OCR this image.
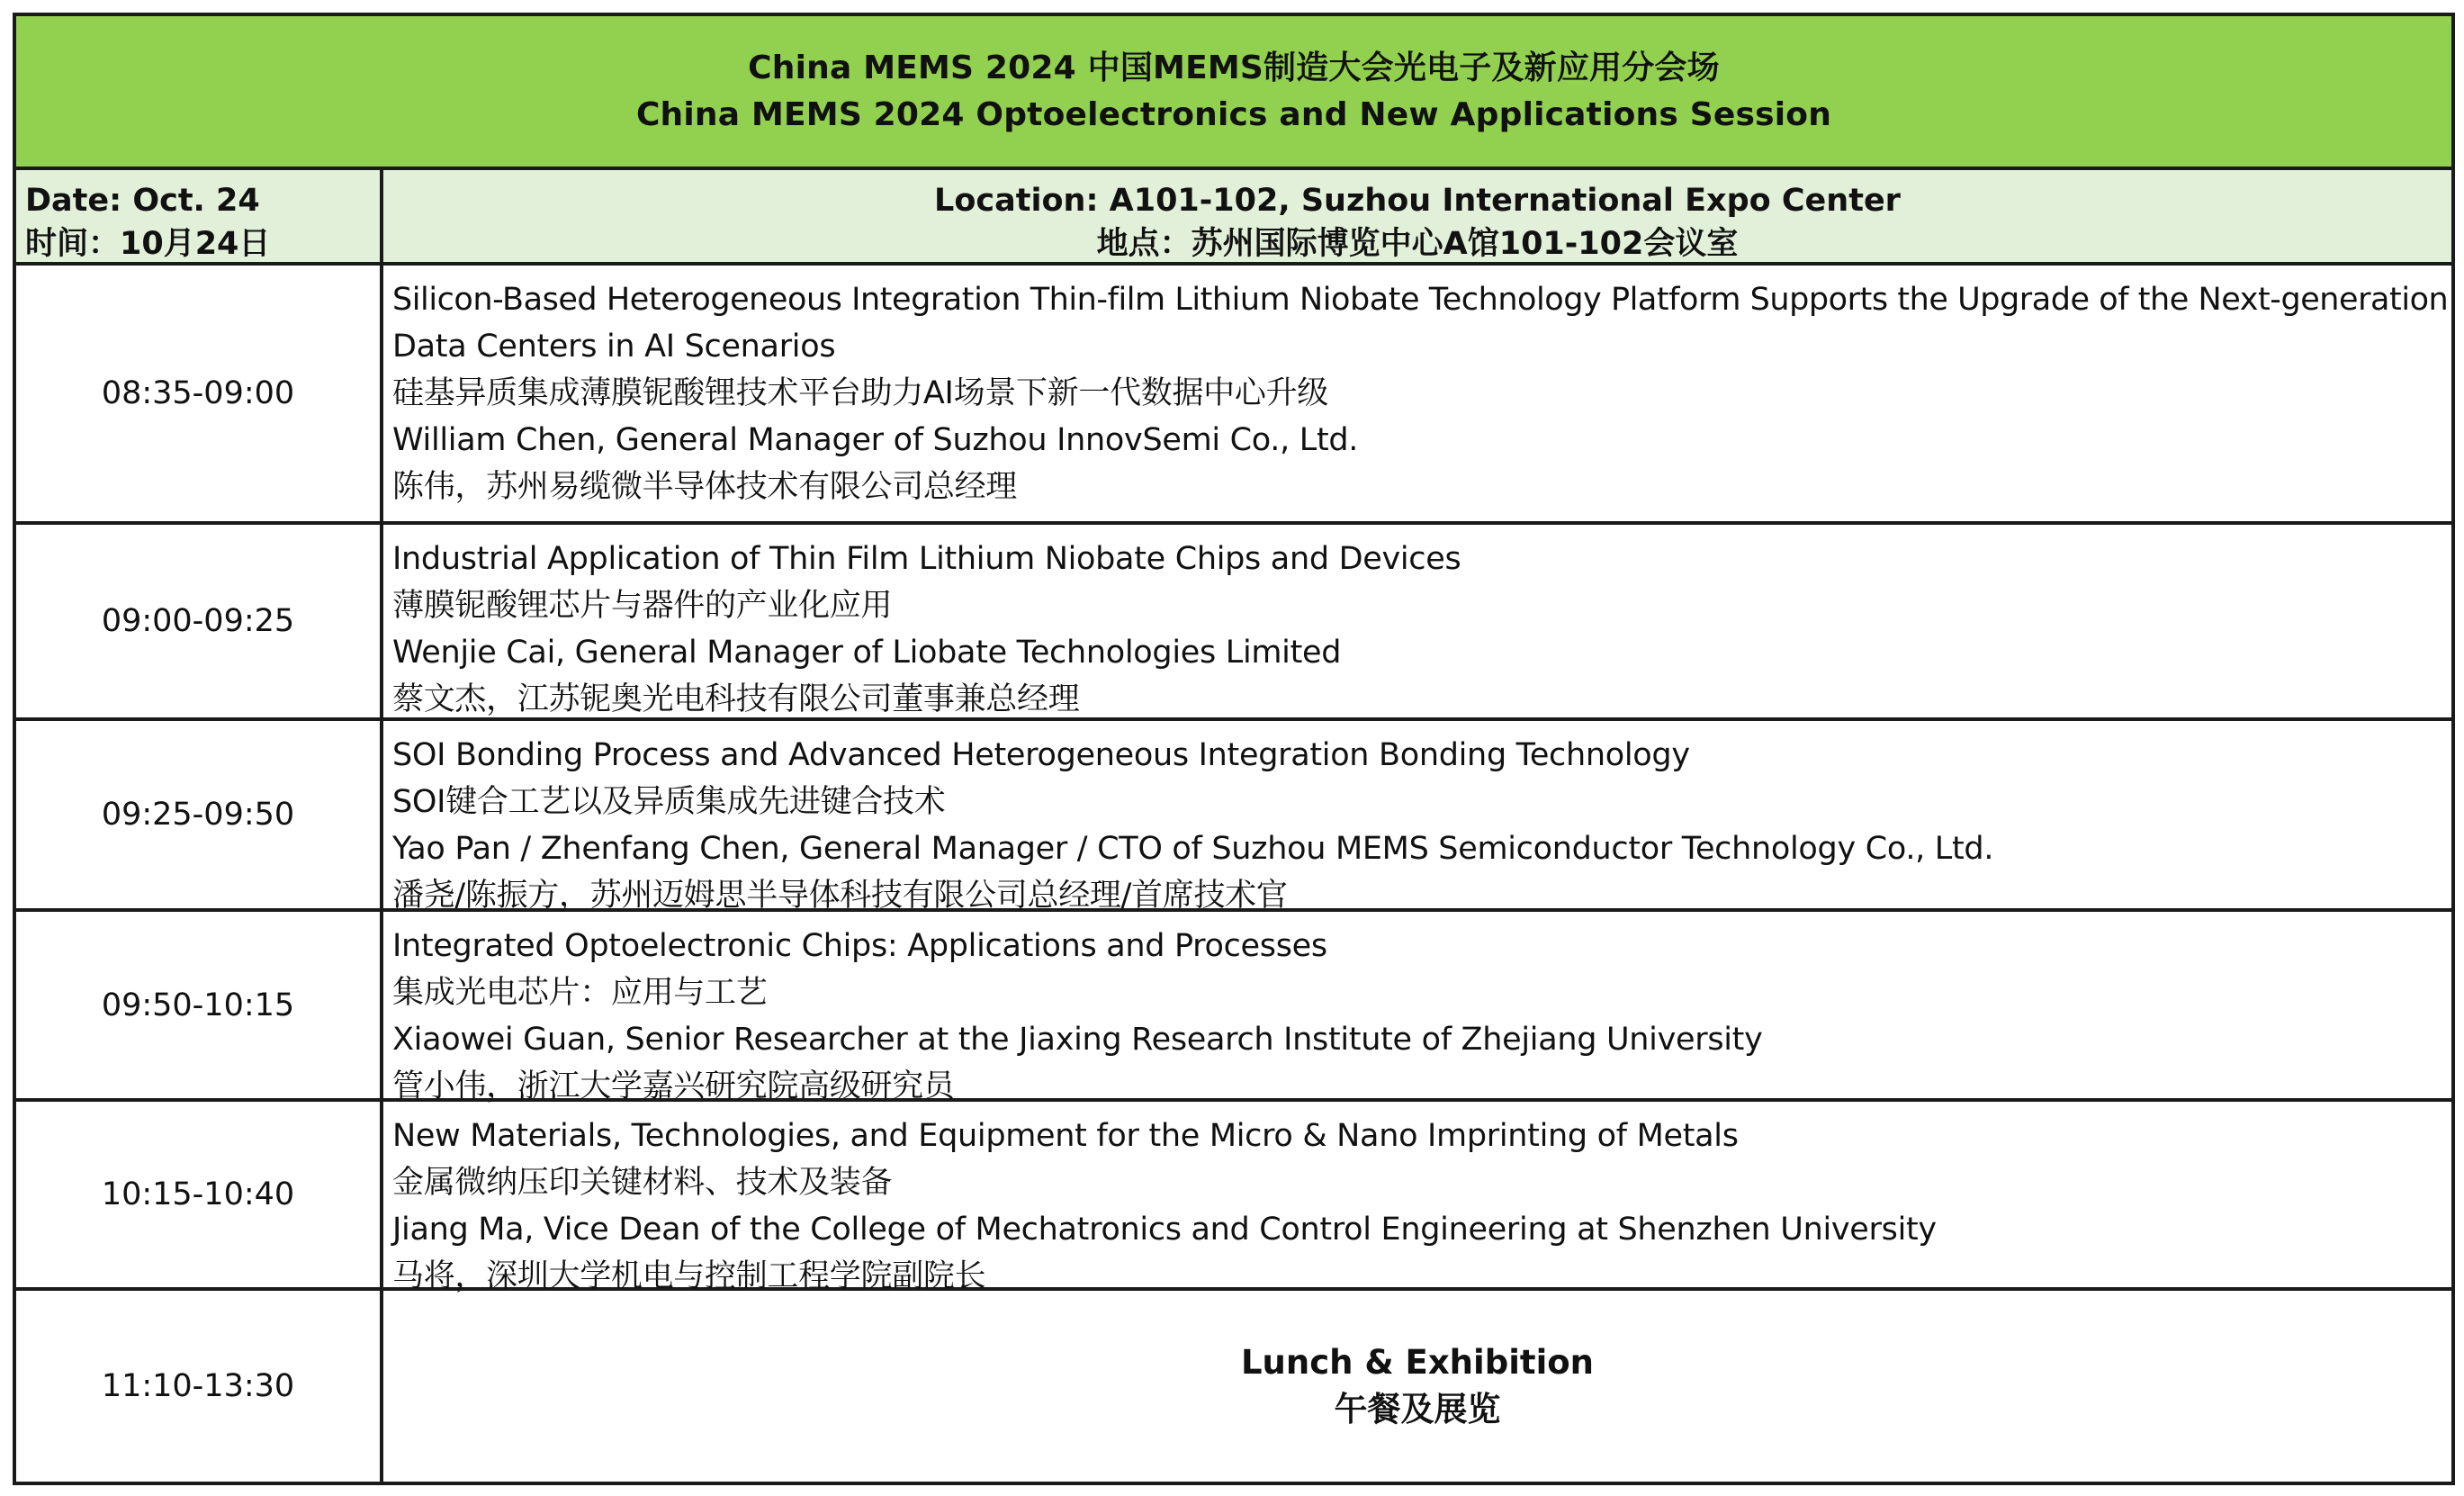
China MEMS 2024 中国MEMS制造大会光电子及新应用分会场
China MEMS 2024 Optoelectronics and New Applications Session
Date: Oct. 24
时间：10月24日
Location: A101-102, Suzhou International Expo Center
地点：苏州国际博览中心A馆101-102会议室
08:35-09:00
Silicon-Based Heterogeneous Integration Thin-film Lithium Niobate Technology Platform Supports the Upgrade of the Next-generation
Data Centers in AI Scenarios
硅基异质集成薄膜铌酸锂技术平台助力AI场景下新一代数据中心升级
William Chen, General Manager of Suzhou InnovSemi Co., Ltd.
陈伟，苏州易缆微半导体技术有限公司总经理
09:00-09:25
Industrial Application of Thin Film Lithium Niobate Chips and Devices
薄膜铌酸锂芯片与器件的产业化应用
Wenjie Cai, General Manager of Liobate Technologies Limited
蔡文杰，江苏铌奥光电科技有限公司董事兼总经理
09:25-09:50
SOI Bonding Process and Advanced Heterogeneous Integration Bonding Technology
SOI键合工艺以及异质集成先进键合技术
Yao Pan / Zhenfang Chen, General Manager / CTO of Suzhou MEMS Semiconductor Technology Co., Ltd.
潘尧/陈振方，苏州迈姆思半导体科技有限公司总经理/首席技术官
09:50-10:15
Integrated Optoelectronic Chips: Applications and Processes
集成光电芯片：应用与工艺
Xiaowei Guan, Senior Researcher at the Jiaxing Research Institute of Zhejiang University
管小伟，浙江大学嘉兴研究院高级研究员
10:15-10:40
New Materials, Technologies, and Equipment for the Micro & Nano Imprinting of Metals
金属微纳压印关键材料、技术及装备
Jiang Ma, Vice Dean of the College of Mechatronics and Control Engineering at Shenzhen University
马将，深圳大学机电与控制工程学院副院长
11:10-13:30
Lunch & Exhibition
午餐及展览
